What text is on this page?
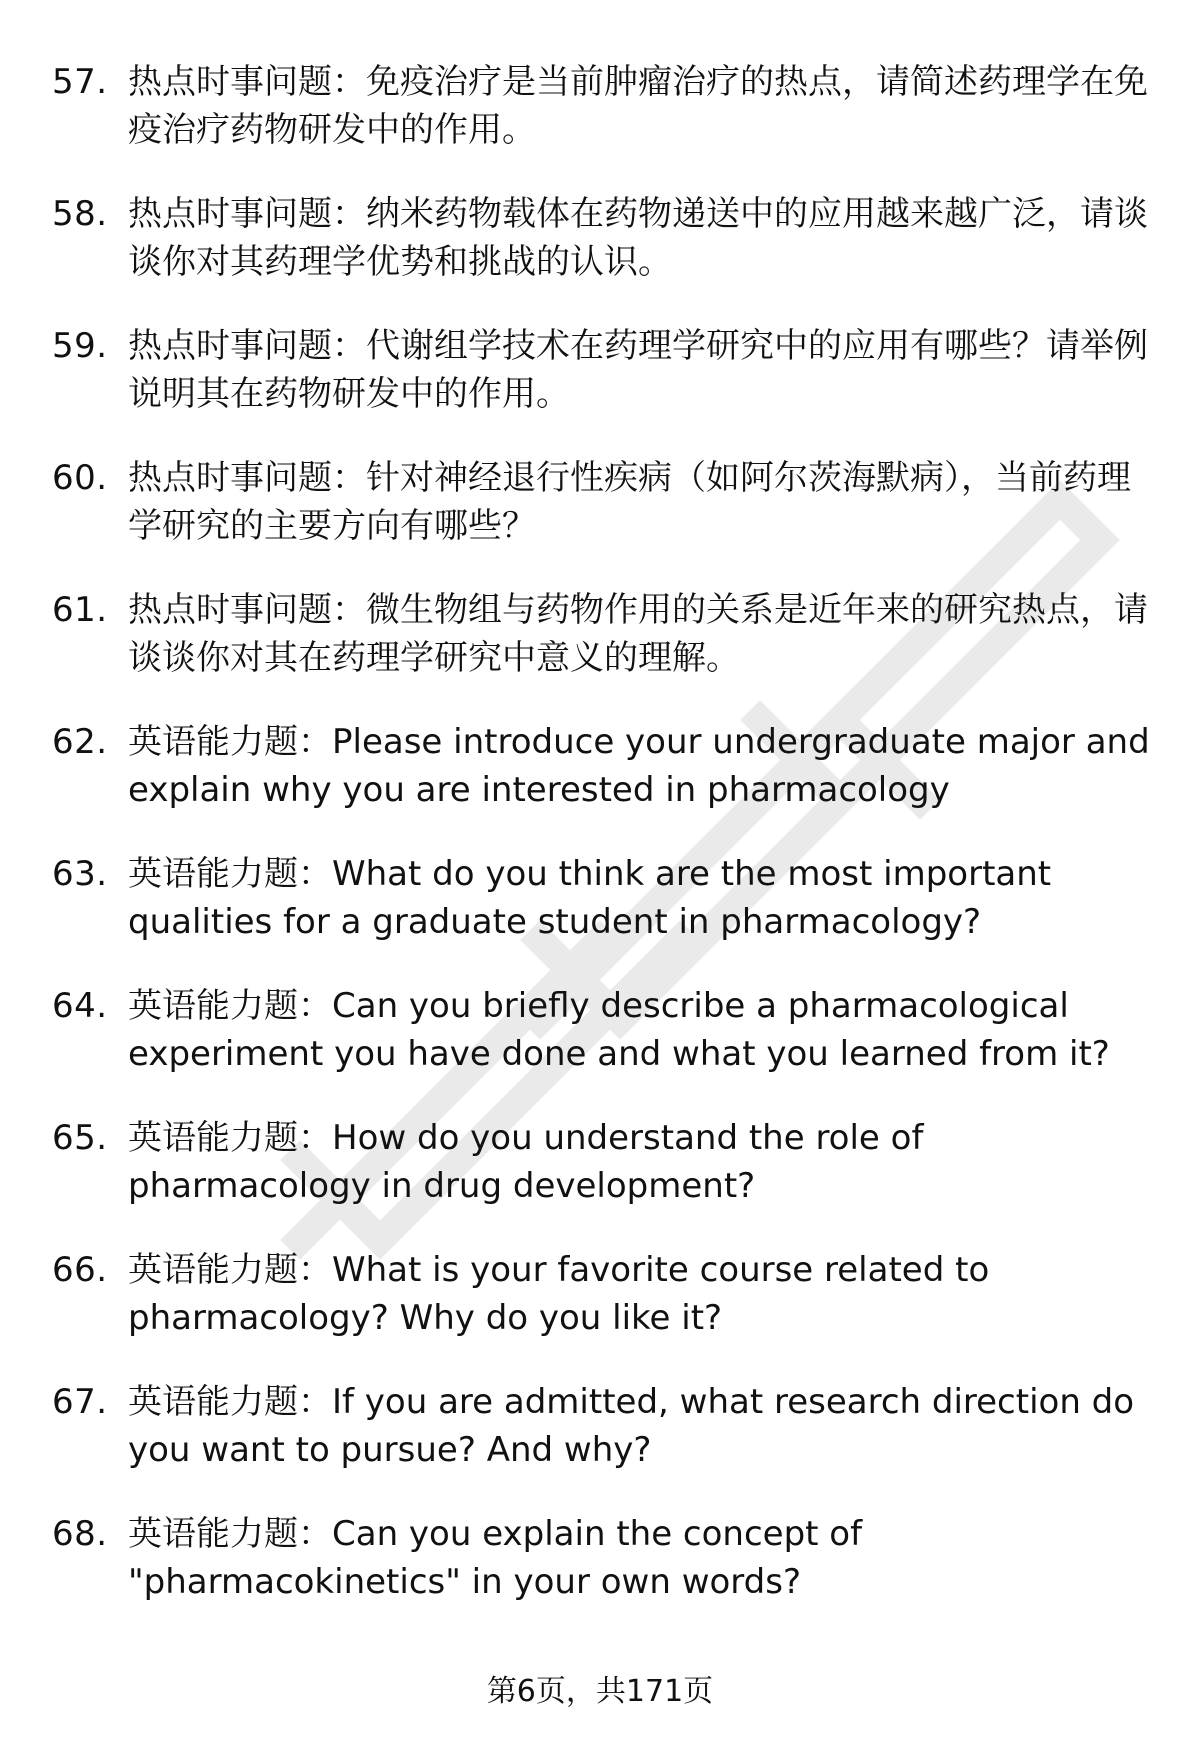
57. 热点时事问题：免疫治疗是当前肿瘤治疗的热点，请简述药理学在免疫治疗药物研发中的作用。
58. 热点时事问题：纳米药物载体在药物递送中的应用越来越广泛，请谈谈你对其药理学优势和挑战的认识。
59. 热点时事问题：代谢组学技术在药理学研究中的应用有哪些？请举例说明其在药物研发中的作用。
60. 热点时事问题：针对神经退行性疾病（如阿尔茨海默病），当前药理学研究的主要方向有哪些？
61. 热点时事问题：微生物组与药物作用的关系是近年来的研究热点，请谈谈你对其在药理学研究中意义的理解。
62. 英语能力题：Please introduce your undergraduate major and explain why you are interested in pharmacology
63. 英语能力题：What do you think are the most important qualities for a graduate student in pharmacology?
64. 英语能力题：Can you briefly describe a pharmacological experiment you have done and what you learned from it?
65. 英语能力题：How do you understand the role of pharmacology in drug development?
66. 英语能力题：What is your favorite course related to pharmacology? Why do you like it?
67. 英语能力题：If you are admitted, what research direction do you want to pursue? And why?
68. 英语能力题：Can you explain the concept of "pharmacokinetics" in your own words?
第6页，共171页
